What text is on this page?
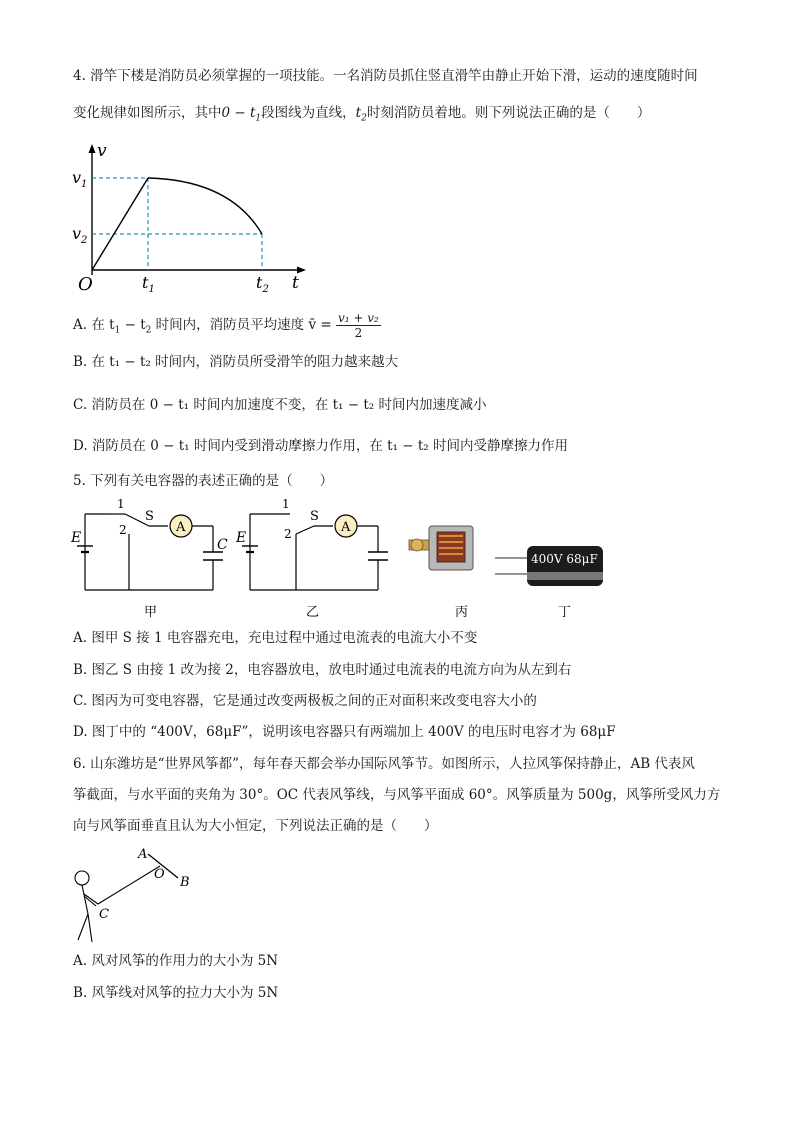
4. 滑竿下楼是消防员必须掌握的一项技能。一名消防员抓住竖直滑竿由静止开始下滑，运动的速度随时间
变化规律如图所示，其中$0 - t_1$段图线为直线，$t_2$时刻消防员着地。则下列说法正确的是（　　）
v
$v_1$
$v_2$
O	$t_1$	$t_2$ t
A. 在 $t_1 - t_2$ 时间内，消防员平均速度 v̄ = $\frac{\text{v₁ + v₂}}{2}$
B. 在 t₁ − t₂ 时间内，消防员所受滑竿的阻力越来越大
C. 消防员在 0 − t₁ 时间内加速度不变，在 t₁ − t₂ 时间内加速度减小
D. 消防员在 0 − t₁ 时间内受到滑动摩擦力作用，在 t₁ − t₂ 时间内受静摩擦力作用
5. 下列有关电容器的表述正确的是（　　）
A
E	C
S
1
2
甲
A
E
S
1
2
乙	丙
400V 68μF
丁
A. 图甲 S 接 1 电容器充电，充电过程中通过电流表的电流大小不变
B. 图乙 S 由接 1 改为接 2，电容器放电，放电时通过电流表的电流方向为从左到右
C. 图丙为可变电容器，它是通过改变两极板之间的正对面积来改变电容大小的
D. 图丁中的 “400V，68μF”，说明该电容器只有两端加上 400V 的电压时电容才为 68μF
6. 山东潍坊是“世界风筝都”，每年春天都会举办国际风筝节。如图所示，人拉风筝保持静止，AB 代表风
筝截面，与水平面的夹角为 30°。OC 代表风筝线，与风筝平面成 60°。风筝质量为 500g，风筝所受风力方
向与风筝面垂直且认为大小恒定，下列说法正确的是（　　）
A
O
B
C
A. 风对风筝的作用力的大小为 5N
B. 风筝线对风筝的拉力大小为 5N
